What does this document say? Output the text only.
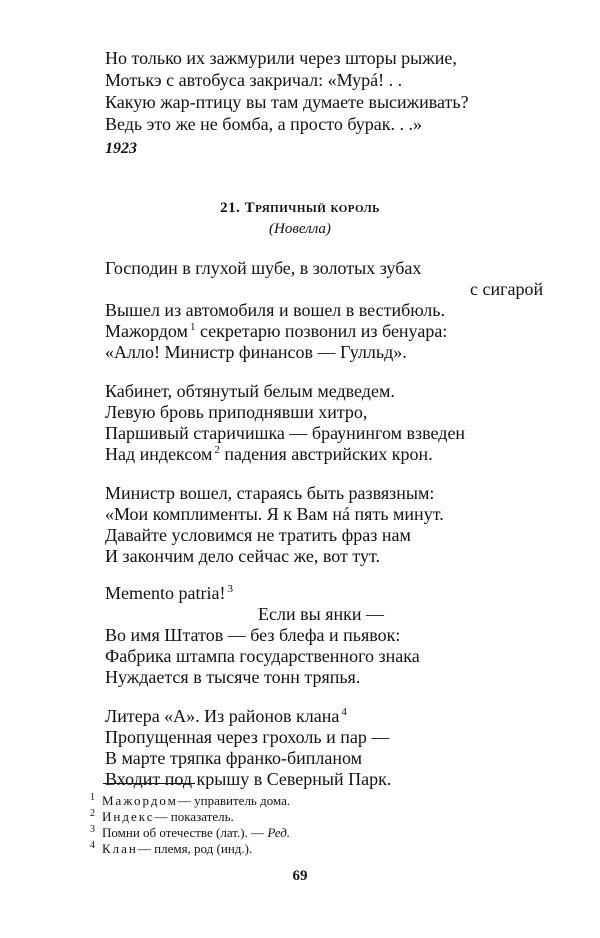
Но только их зажмурили через шторы рыжие,
Мотькэ с автобуса закричал: «Мурá! . .
Какую жар-птицу вы там думаете высиживать?
Ведь это же не бомба, а просто бурак. . .»
1923
21. Тряпичный король
(Новелла)
Господин в глухой шубе, в золотых зубах
с сигарой
Вышел из автомобиля и вошел в вестибюль.
Мажордом $^1$ секретарю позвонил из бенуара:
«Алло! Министр финансов — Гулльд».
Кабинет, обтянутый белым медведем.
Левую бровь приподнявши хитро,
Паршивый старичишка — браунингом взведен
Над индексом $^2$ падения австрийских крон.
Министр вошел, стараясь быть развязным:
«Мои комплименты. Я к Вам нá пять минут.
Давайте условимся не тратить фраз нам
И закончим дело сейчас же, вот тут.
Memento patria! $^3$
Если вы янки —
Во имя Штатов — без блефа и пьявок:
Фабрика штампа государственного знака
Нуждается в тысяче тонн тряпья.
Литера «А». Из районов клана $^4$
Пропущенная через грохоль и пар —
В марте тряпка франко-бипланом
Входит под крышу в Северный Парк.
1 Мажордом— управитель дома.
2 Индекс— показатель.
3 Помни об отечестве (лат.). — Ред.
4 Клан— племя, род (инд.).
69
